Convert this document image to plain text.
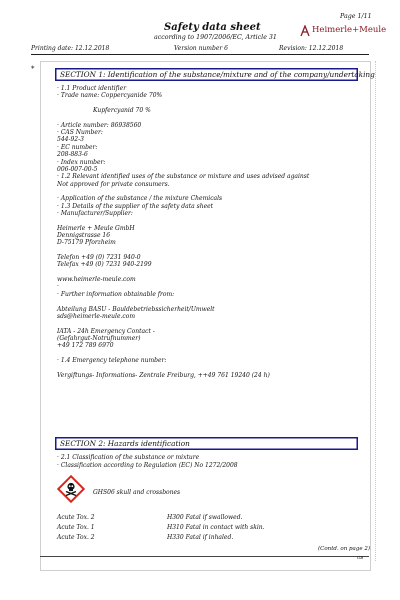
Page 1/11
Safety data sheet
according to 1907/2006/EC, Article 31
Heimerle+Meule
Printing date: 12.12.2018	Version number 6	Revision: 12.12.2018
*
SECTION 1: Identification of the substance/mixture and of the company/undertaking
· 1.1 Product identifier
· Trade name: Coppercyanide 70%
Kupfercyanid 70 %
· Article number: 86938560
· CAS Number:
544-92-3
· EC number:
208-883-6
· Index number:
006-007-00-5
· 1.2 Relevant identified uses of the substance or mixture and uses advised against
Not approved for private consumers.
· Application of the substance / the mixture Chemicals
· 1.3 Details of the supplier of the safety data sheet
· Manufacturer/Supplier:
Heimerle + Meule GmbH
Dennigstrasse 16
D-75179 Pforzheim
Telefon +49 (0) 7231 940-0
Telefax +49 (0) 7231 940-2199
www.heimerle-meule.com
·
· Further information obtainable from:
Abteilung BASU - Bauldebetriebssicherheit/Umwelt
sds@heimerle-meule.com
IATA - 24h Emergency Contact -
(Gefahrgut-Notrufnummer)
+49 172 789 6970
· 1.4 Emergency telephone number:
Vergiftungs- Informations- Zentrale Freiburg, ++49 761 19240 (24 h)
SECTION 2: Hazards identification
· 2.1 Classification of the substance or mixture
· Classification according to Regulation (EC) No 1272/2008
GHS06 skull and crossbones
Acute Tox. 2	H300 Fatal if swallowed.
Acute Tox. 1	H310 Fatal in contact with skin.
Acute Tox. 2	H330 Fatal if inhaled.
(Contd. on page 2)
GB
